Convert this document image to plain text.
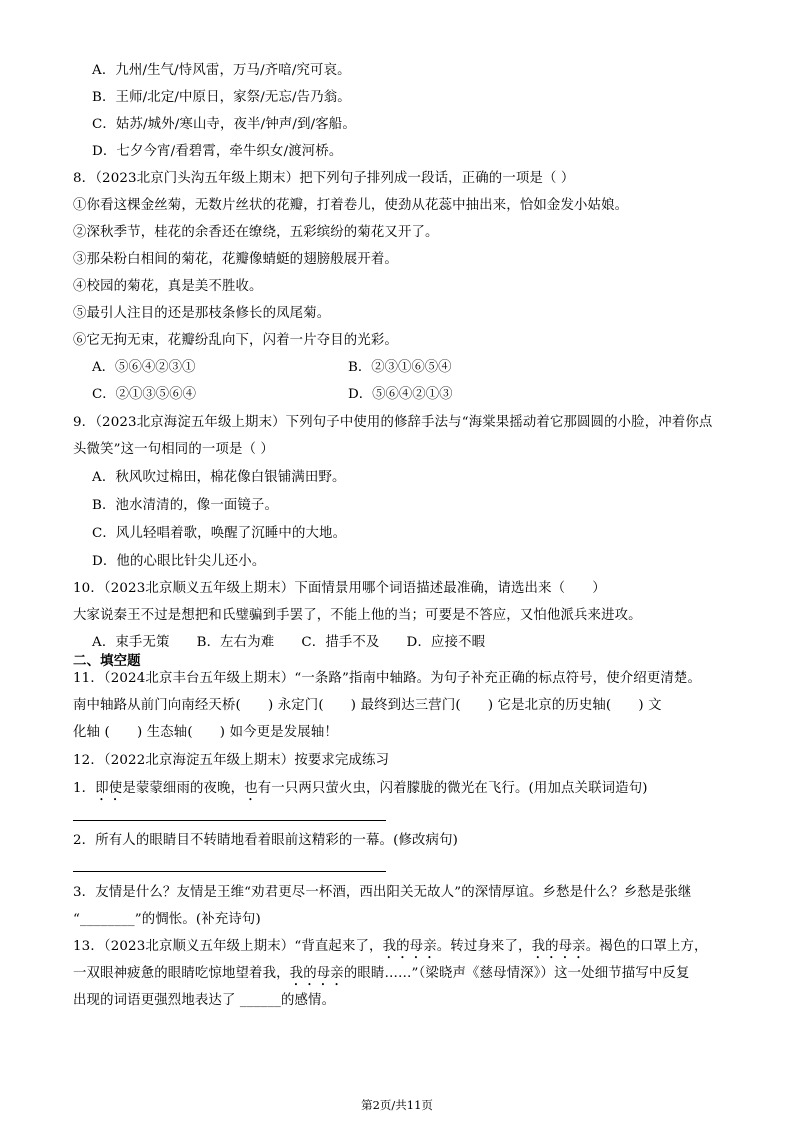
A．九州/生气/恃风雷，万马/齐喑/究可哀。
B．王师/北定/中原日，家祭/无忘/告乃翁。
C．姑苏/城外/寒山寺，夜半/钟声/到/客船。
D．七夕今宵/看碧霄，牵牛织女/渡河桥。
8．（2023北京门头沟五年级上期末）把下列句子排列成一段话，正确的一项是（ ）
①你看这棵金丝菊，无数片丝状的花瓣，打着卷儿，使劲从花蕊中抽出来，恰如金发小姑娘。
②深秋季节，桂花的余香还在缭绕，五彩缤纷的菊花又开了。
③那朵粉白相间的菊花，花瓣像蜻蜓的翅膀般展开着。
④校园的菊花，真是美不胜收。
⑤最引人注目的还是那枝条修长的凤尾菊。
⑥它无拘无束，花瓣纷乱向下，闪着一片夺目的光彩。
A．⑤⑥④②③①	B．②③①⑥⑤④
C．②①③⑤⑥④	D．⑤⑥④②①③
9．（2023北京海淀五年级上期末）下列句子中使用的修辞手法与“海棠果摇动着它那圆圆的小脸，冲着你点
头微笑”这一句相同的一项是（ ）
A．秋风吹过棉田，棉花像白银铺满田野。
B．池水清清的，像一面镜子。
C．风儿轻唱着歌，唤醒了沉睡中的大地。
D．他的心眼比针尖儿还小。
10．（2023北京顺义五年级上期末）下面情景用哪个词语描述最准确，请选出来（　　）
大家说秦王不过是想把和氏璧骗到手罢了，不能上他的当；可要是不答应，又怕他派兵来进攻。
A．束手无策　　B．左右为难　　C．措手不及　　D．应接不暇
二、填空题
11．（2024北京丰台五年级上期末）“一条路”指南中轴路。为句子补充正确的标点符号，使介绍更清楚。
南中轴路从前门向南经天桥(　　) 永定门(　　) 最终到达三营门(　　) 它是北京的历史轴(　　) 文
化轴 (　　) 生态轴(　　) 如今更是发展轴！
12．（2022北京海淀五年级上期末）按要求完成练习
1．即使是蒙蒙细雨的夜晚，也有一只两只萤火虫，闪着朦胧的微光在飞行。(用加点关联词造句)
2．所有人的眼睛目不转睛地看着眼前这精彩的一幕。(修改病句)
3．友情是什么？友情是王维“劝君更尽一杯酒，西出阳关无故人”的深情厚谊。乡愁是什么？乡愁是张继
“________”的惆怅。(补充诗句)
13．（2023北京顺义五年级上期末）“背直起来了，我的母亲。转过身来了，我的母亲。褐色的口罩上方，
一双眼神疲惫的眼睛吃惊地望着我，我的母亲的眼睛……”（梁晓声《慈母情深》）这一处细节描写中反复
出现的词语更强烈地表达了 ______的感情。
第2页/共11页
